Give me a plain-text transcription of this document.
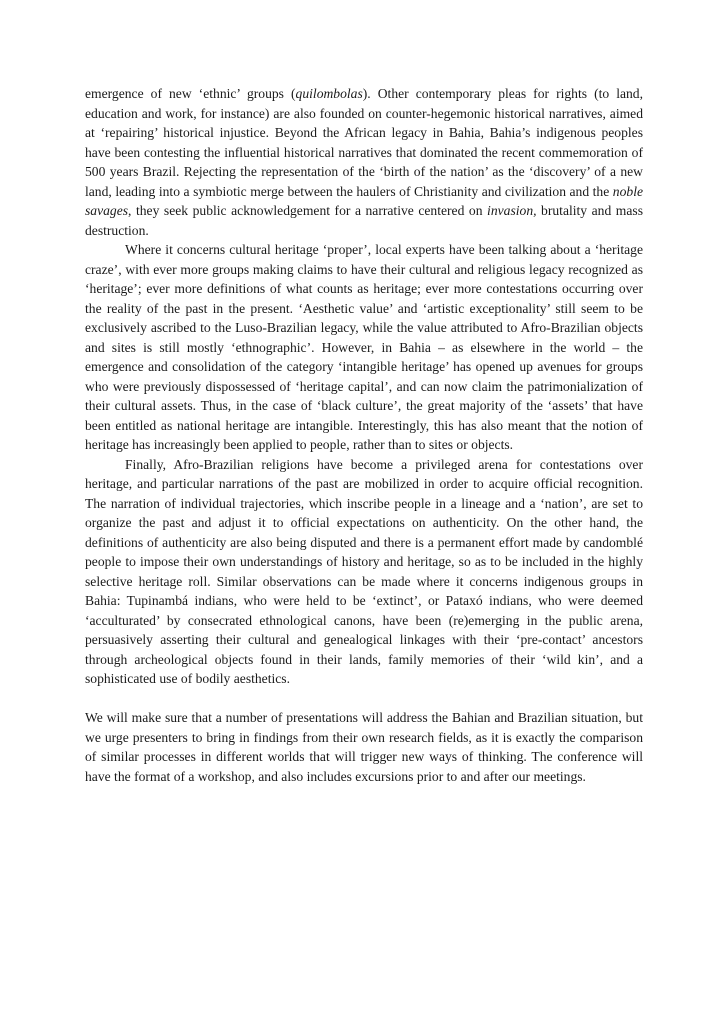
emergence of new ‘ethnic’ groups (quilombolas). Other contemporary pleas for rights (to land, education and work, for instance) are also founded on counter-hegemonic historical narratives, aimed at ‘repairing’ historical injustice. Beyond the African legacy in Bahia, Bahia’s indigenous peoples have been contesting the influential historical narratives that dominated the recent commemoration of 500 years Brazil. Rejecting the representation of the ‘birth of the nation’ as the ‘discovery’ of a new land, leading into a symbiotic merge between the haulers of Christianity and civilization and the noble savages, they seek public acknowledgement for a narrative centered on invasion, brutality and mass destruction.

Where it concerns cultural heritage ‘proper’, local experts have been talking about a ‘heritage craze’, with ever more groups making claims to have their cultural and religious legacy recognized as ‘heritage’; ever more definitions of what counts as heritage; ever more contestations occurring over the reality of the past in the present. ‘Aesthetic value’ and ‘artistic exceptionality’ still seem to be exclusively ascribed to the Luso-Brazilian legacy, while the value attributed to Afro-Brazilian objects and sites is still mostly ‘ethnographic’. However, in Bahia – as elsewhere in the world – the emergence and consolidation of the category ‘intangible heritage’ has opened up avenues for groups who were previously dispossessed of ‘heritage capital’, and can now claim the patrimonialization of their cultural assets. Thus, in the case of ‘black culture’, the great majority of the ‘assets’ that have been entitled as national heritage are intangible. Interestingly, this has also meant that the notion of heritage has increasingly been applied to people, rather than to sites or objects.

Finally, Afro-Brazilian religions have become a privileged arena for contestations over heritage, and particular narrations of the past are mobilized in order to acquire official recognition. The narration of individual trajectories, which inscribe people in a lineage and a ‘nation’, are set to organize the past and adjust it to official expectations on authenticity. On the other hand, the definitions of authenticity are also being disputed and there is a permanent effort made by candomblé people to impose their own understandings of history and heritage, so as to be included in the highly selective heritage roll. Similar observations can be made where it concerns indigenous groups in Bahia: Tupinambá indians, who were held to be ‘extinct’, or Pataxó indians, who were deemed ‘acculturated’ by consecrated ethnological canons, have been (re)emerging in the public arena, persuasively asserting their cultural and genealogical linkages with their ‘pre-contact’ ancestors through archeological objects found in their lands, family memories of their ‘wild kin’, and a sophisticated use of bodily aesthetics.

We will make sure that a number of presentations will address the Bahian and Brazilian situation, but we urge presenters to bring in findings from their own research fields, as it is exactly the comparison of similar processes in different worlds that will trigger new ways of thinking. The conference will have the format of a workshop, and also includes excursions prior to and after our meetings.
